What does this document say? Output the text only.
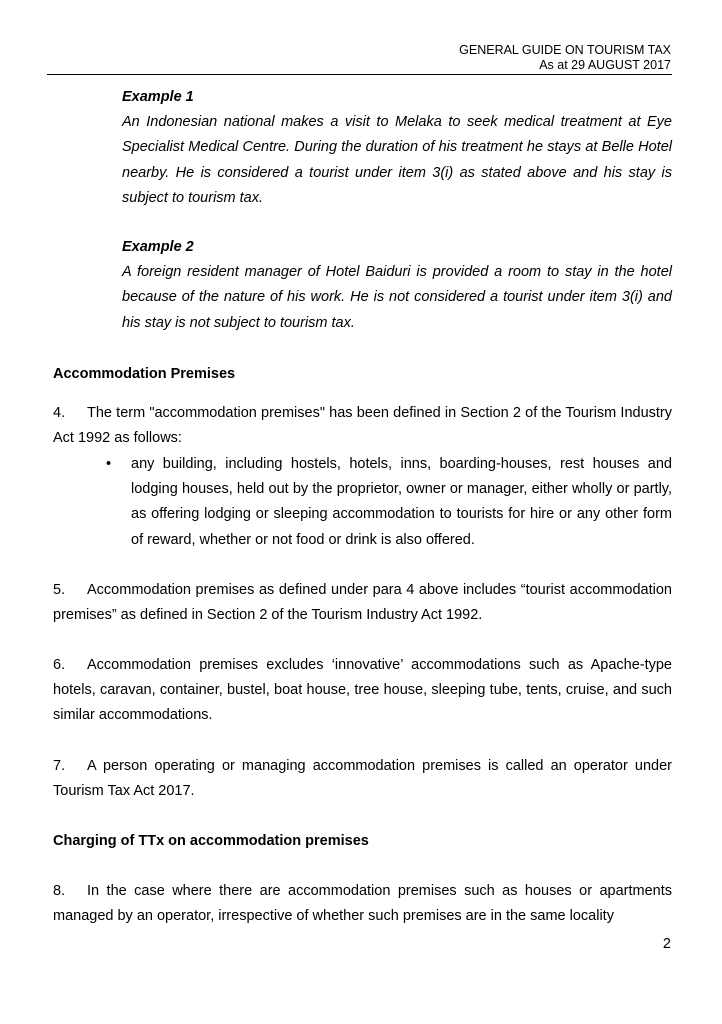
GENERAL GUIDE ON TOURISM TAX
As at 29 AUGUST 2017
Example 1
An Indonesian national makes a visit to Melaka to seek medical treatment at Eye Specialist Medical Centre. During the duration of his treatment he stays at Belle Hotel nearby. He is considered a tourist under item 3(i) as stated above and his stay is subject to tourism tax.
Example 2
A foreign resident manager of Hotel Baiduri is provided a room to stay in the hotel because of the nature of his work. He is not considered a tourist under item 3(i) and his stay is not subject to tourism tax.
Accommodation Premises
4. The term "accommodation premises" has been defined in Section 2 of the Tourism Industry Act 1992 as follows:
•	any building, including hostels, hotels, inns, boarding-houses, rest houses and lodging houses, held out by the proprietor, owner or manager, either wholly or partly, as offering lodging or sleeping accommodation to tourists for hire or any other form of reward, whether or not food or drink is also offered.
5. Accommodation premises as defined under para 4 above includes “tourist accommodation premises” as defined in Section 2 of the Tourism Industry Act 1992.
6. Accommodation premises excludes ‘innovative’ accommodations such as Apache-type hotels, caravan, container, bustel, boat house, tree house, sleeping tube, tents, cruise, and such similar accommodations.
7. A person operating or managing accommodation premises is called an operator under Tourism Tax Act 2017.
Charging of TTx on accommodation premises
8. In the case where there are accommodation premises such as houses or apartments managed by an operator, irrespective of whether such premises are in the same locality
2
